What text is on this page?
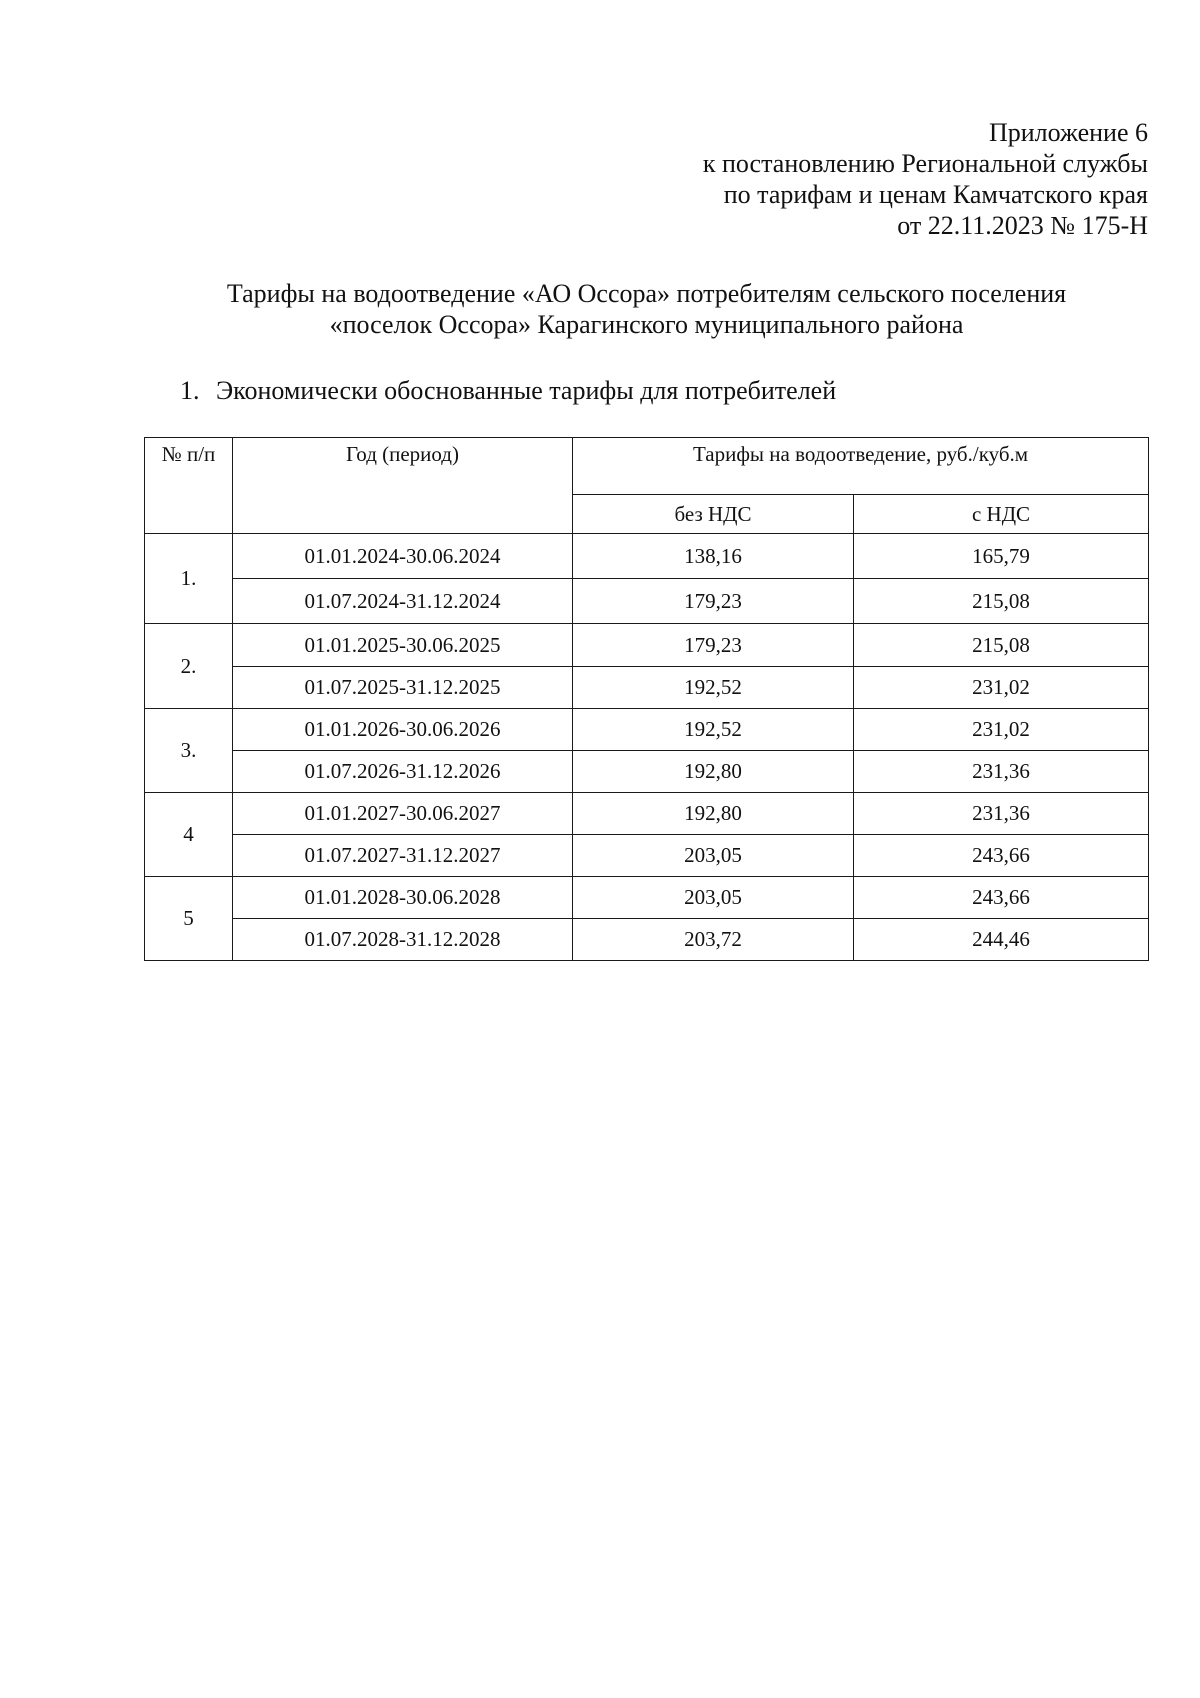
Приложение 6
к постановлению Региональной службы
по тарифам и ценам Камчатского края
от 22.11.2023 № 175-Н
Тарифы на водоотведение «АО Оссора» потребителям сельского поселения
«поселок Оссора» Карагинского муниципального района
1. Экономически обоснованные тарифы для потребителей
№ п/п	Год (период)	Тарифы на водоотведение, руб./куб.м	

		без НДС	с НДС
1.	01.01.2024-30.06.2024	138,16	165,79
	01.07.2024-31.12.2024	179,23	215,08
2.	01.01.2025-30.06.2025	179,23	215,08
	01.07.2025-31.12.2025	192,52	231,02
3.	01.01.2026-30.06.2026	192,52	231,02
	01.07.2026-31.12.2026	192,80	231,36
4	01.01.2027-30.06.2027	192,80	231,36
	01.07.2027-31.12.2027	203,05	243,66
5	01.01.2028-30.06.2028	203,05	243,66
	01.07.2028-31.12.2028	203,72	244,46
